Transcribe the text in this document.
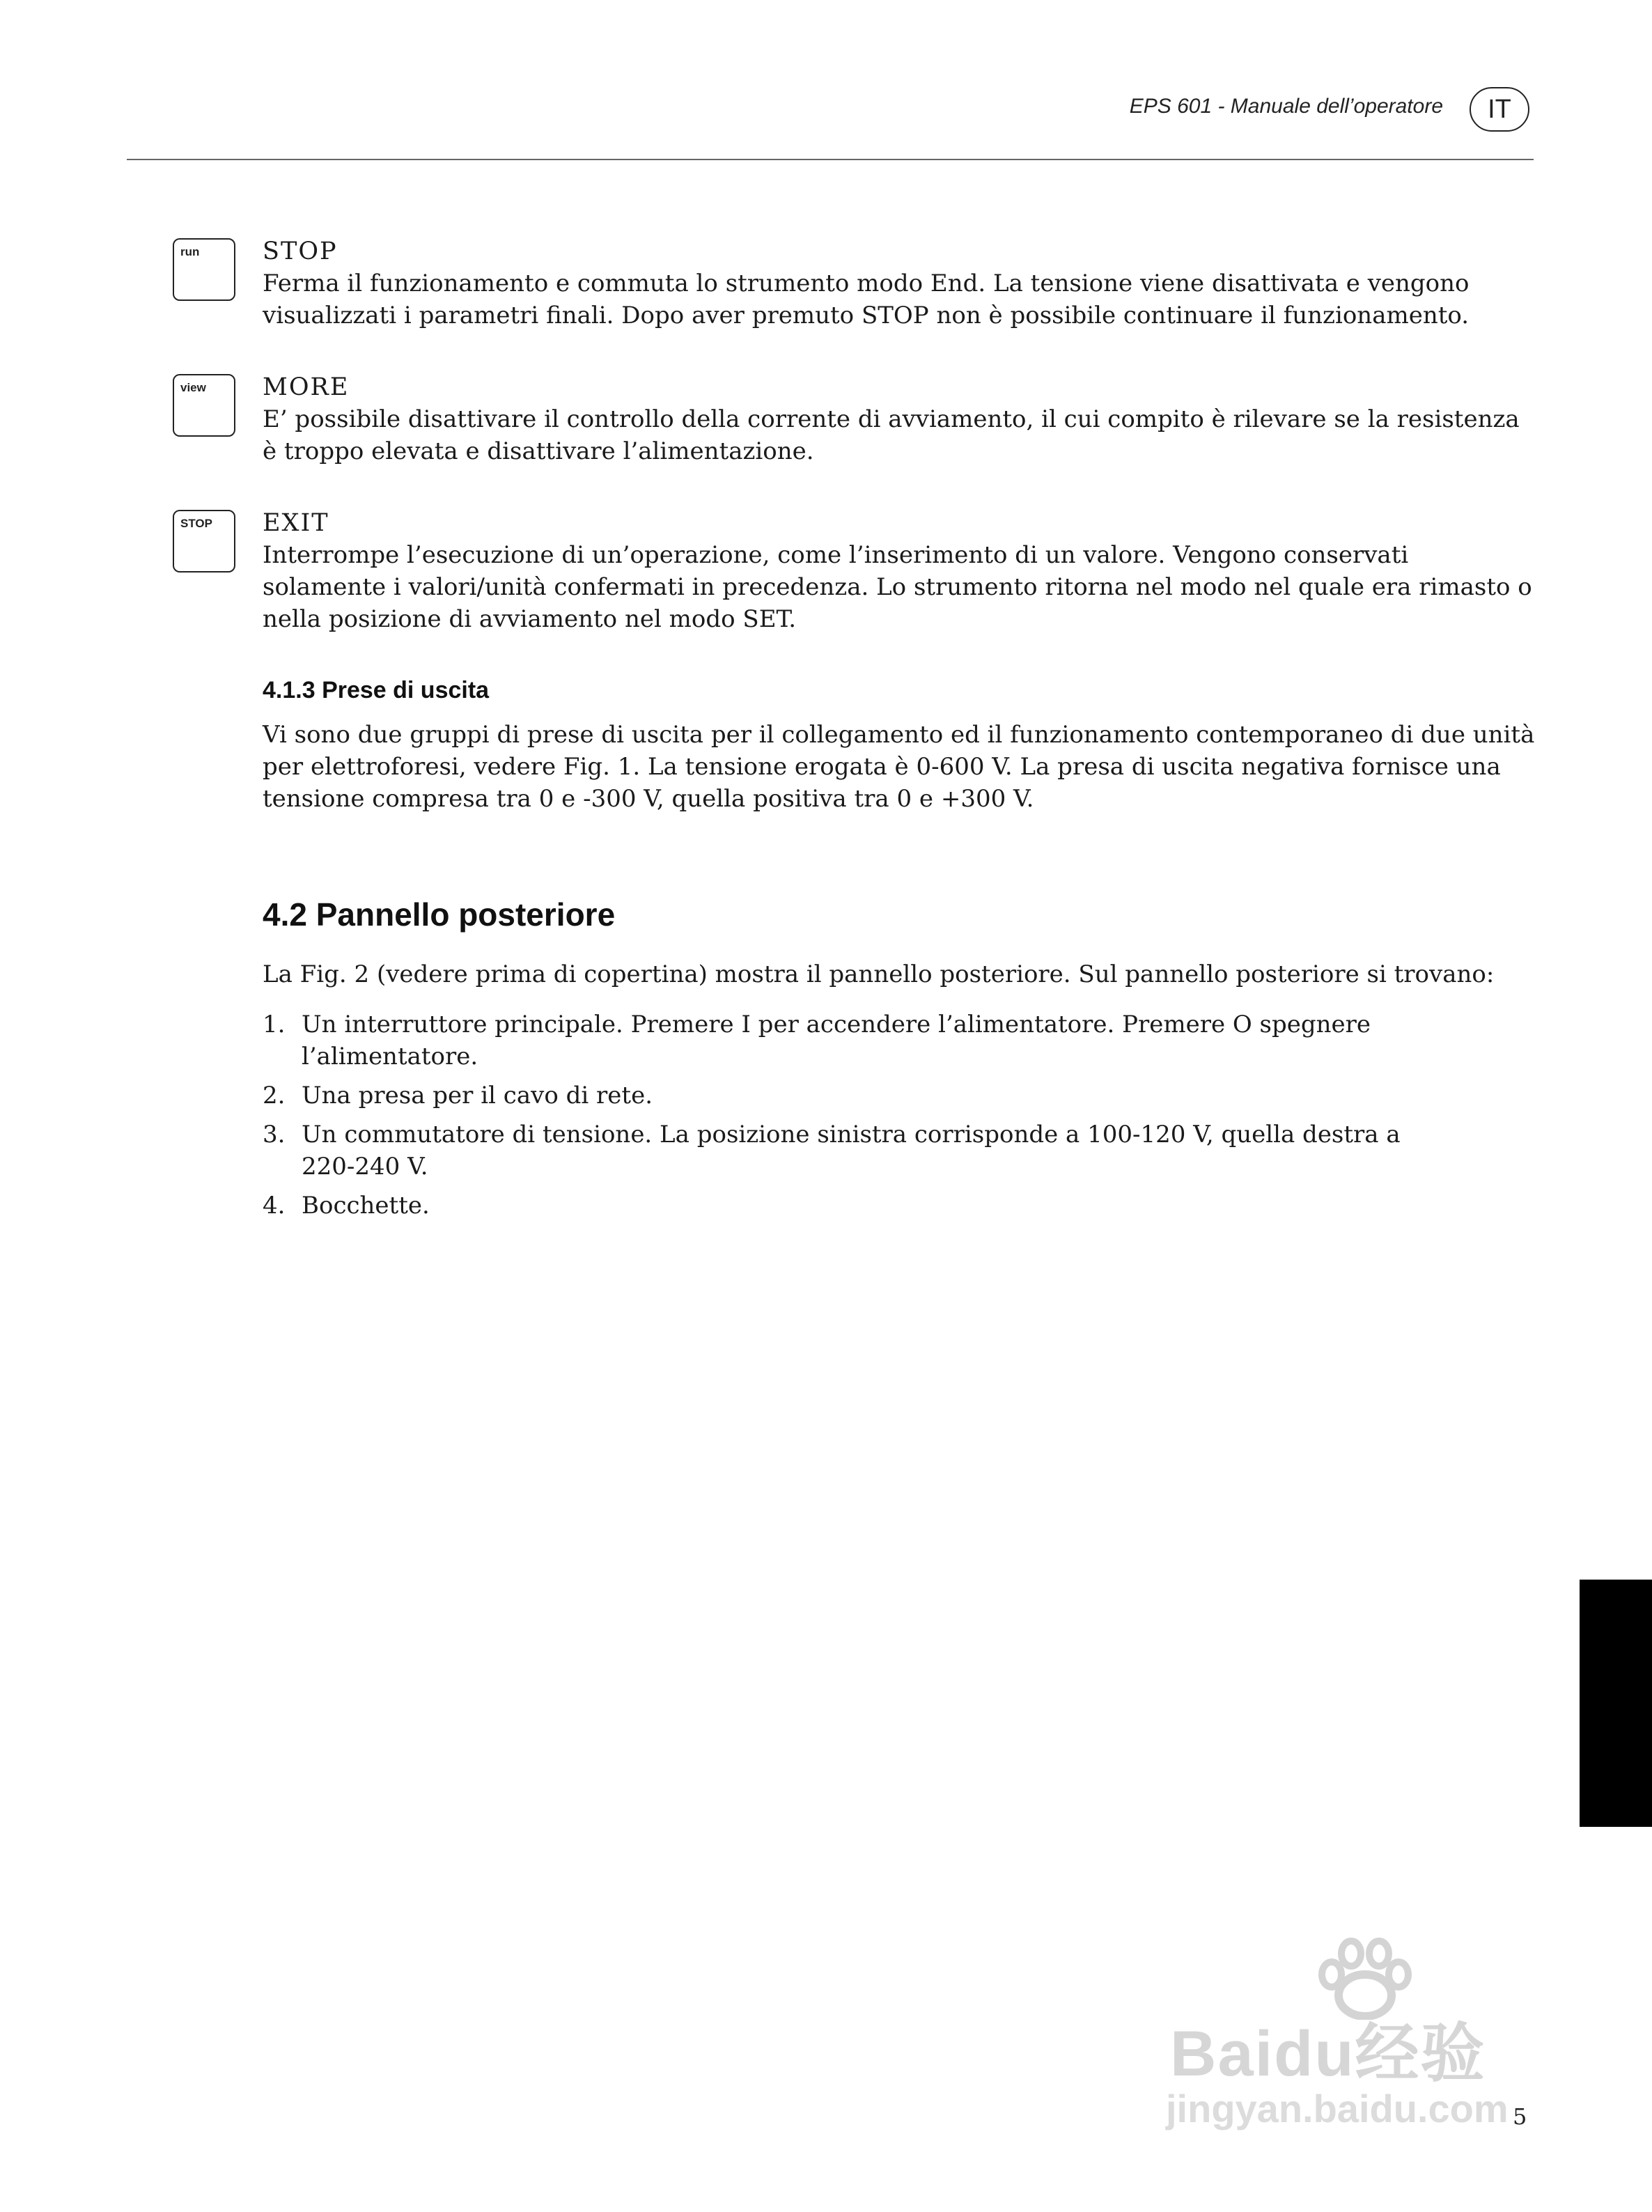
EPS 601 - Manuale dell’operatore	IT
run	STOP

Ferma il funzionamento e commuta lo strumento modo End. La tensione viene disattivata e vengono visualizzati i parametri finali. Dopo aver premuto STOP non è possibile continuare il funzionamento.

view MORE

E’ possibile disattivare il controllo della corrente di avviamento, il cui compito è rilevare se la resistenza è troppo elevata e disattivare l’alimentazione.

STOP EXIT

Interrompe l’esecuzione di un’operazione, come l’inserimento di un valore. Vengono conservati solamente i valori/unità confermati in precedenza. Lo strumento ritorna nel modo nel quale era rimasto o nella posizione di avviamento nel modo SET.

4.1.3 Prese di uscita

Vi sono due gruppi di prese di uscita per il collegamento ed il funzionamento contemporaneo di due unità per elettroforesi, vedere Fig. 1. La tensione erogata è 0-600 V. La presa di uscita negativa fornisce una tensione compresa tra 0 e -300 V, quella positiva tra 0 e +300 V.

4.2 Pannello posteriore

La Fig. 2 (vedere prima di copertina) mostra il pannello posteriore. Sul pannello posteriore si trovano:

1. Un interruttore principale. Premere I per accendere l’alimentatore. Premere O spegnere l’alimentatore.
2. Una presa per il cavo di rete.
3. Un commutatore di tensione. La posizione sinistra corrisponde a 100-120 V, quella destra a 220-240 V.
4. Bocchette.
Baidu经验
jingyan.baidu.com 5
